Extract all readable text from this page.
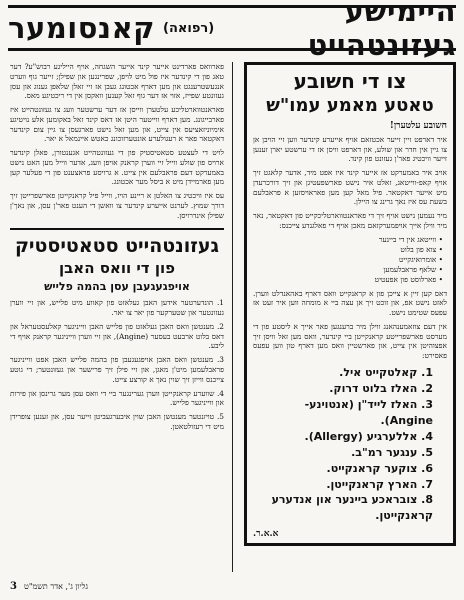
היימישע געזונטהייט
(רפואה)
קאנסומער
צו די חשובע
טאטע מאמע עמו"ש
חשובע עלטערן!

איר דארפט זיין זייער אכטזאם אויף אייערע קינדער ווען זיי הויבן אן צו גיין אין חדר און שולע, און דארפט וויסן אז די ערשטע יארן זענען זייער וויכטיג פאר'ן געזונט פון קינד.

אויב איר באמערקט אז אייער קינד איז אפט מיד, אדער קלאגט זיך אויף קאפ-ווייטאג, זאלט איר נישט פארשפעטיגן און זיך דורכרעדן מיט אייער דאקטאר. פיל מאל קען מען פאראויסזען א פראבלעם בשעת עס איז נאך גרינג צו היילן.

מיר נעמען נישט אויף זיך די פאראנטווארטליכקייט פון דאקטאר, נאר מיר ווילן אייך אויפמערקזאם מאכן אויף די פאלגנדע צייכנס:

• ווייטאג אין די ביינער
• צוא פון בלוט
• אומרואיגקייט
• שלאף פראבלעמען
• פארלוסט פון אפעטיט

דאס קען זיין א צייכן פון א קראנקייט וואס דארף באהאנדלט ווערן. לאזט נישט אפ, און זוכט זיך אן עצה ביי א מומחה ווען איר זעט אז עפעס שטימט נישט.

אין דעם צוזאמענהאנג ווילן מיר ברענגען פאר אייך א ליסטע פון די מערסט פארשפרייטע קראנקייטן ביי קינדער, וואס מען זאל וויסן זיך אפצוהיטן אין צייט, און פארשטיין וואס מען דארף טון ווען עפעס פאסירט:

1. קאלטקייט איל.
2. האלז בלוט דרוק.
3. האלז לייד"ן (אנטוינע-Angine).
4. אללערגיע (Allergy).
5. ענגער רמ"ב.
6. צוקער קראנקייט.
7. הארץ קראנקייטן.
8. צובראכע ביינער און אנדערע קראנקייטן.
א.א.ר.

פארוואס פארדינט אייער קינד אייער השגחה, אויף הייליגע רבוש"ע? דער טאג פון די קינדער איז פול מיט לויפן, שפרינגען און שפילן; זייער גוף ווערט אנגעשטרענגט און מען דארף אכטונג געבן אז זיי זאלן שלאפן גענוג און עסן געזונטע שפייז, אזוי אז דער גוף זאל קענען וואקסן אין די ריכטיגע מאס.

פאראנטווארטליכע עלטערן ווייסן אז דער ערשטער וועג צו געזונטהייט איז פארבייגונג. מען דארף ווייטער היטן אז דאס קינד זאל באקומען אלע נויטיגע אימיוניזאציעס אין צייט, און מען זאל נישט פארגעסן צו גיין צום קינדער דאקטאר פאר א רעגולערע אונטערזוכונג כאטש איינמאל א יאר.

לויט די לעצטע סטאטיסטיק פון די געזונטהייט אגענטורן, פאלן קינדער ארויס פון שולע ווייל זיי ווערן קראנק אויפן וועג, אדער ווייל מען האט נישט באמערקט דעם פראבלעם אין צייט. א גרויסע פראצענט פון די פעלער קען מען פארמיידן מיט א ביסל מער אכטונג.

עס איז וויכטיג צו האלטן א ריינע הויז, ווייל פיל קראנקייטן פארשפרייטן זיך דורך שמוץ. לערנט אייערע קינדער צו וואשן די הענט פאר'ן עסן, און נאך'ן שפילן אינדרויסן.

געזונטהייט סטאטיסטיק
פון די וואס האבן
אויפגעגעבן עסן בהמה פלייש

1. הונדערטער אידען האבן געלאזט פון קאווע מיט פלייש, און זיי ווערן געזונטער און שטערקער פון יאר צו יאר.

2. מענטשן וואס האבן געלאזט פון פלייש האבן ווייניגער קאלעסטעראל און דאס בלוט ארבעט בעסער (Angine), און זיי ווערן ווייניגער קראנק אויף די ליבע.

3. מענטשן וואס האבן אויפגעגעבן פון בהמה פלייש האבן אפט ווייניגער פראבלעמען מיט'ן מאגן, און זיי פילן זיך פרישער און געזונטער; די גוטע צייכנס ווייזן זיך שוין נאך א קורצע צייט.

4. שווערע קראנקייטן ווערן גערינגער ביי די וואס עסן מער גרינסן און פירות און ווייניגער פלייש.

5. טויזנטער מענטשן האבן שוין איבערגעביטן זייער עסן, און זענען צופרידן מיט די רעזולטאטן.

3 גליון ג', אדר תשמ"ט
